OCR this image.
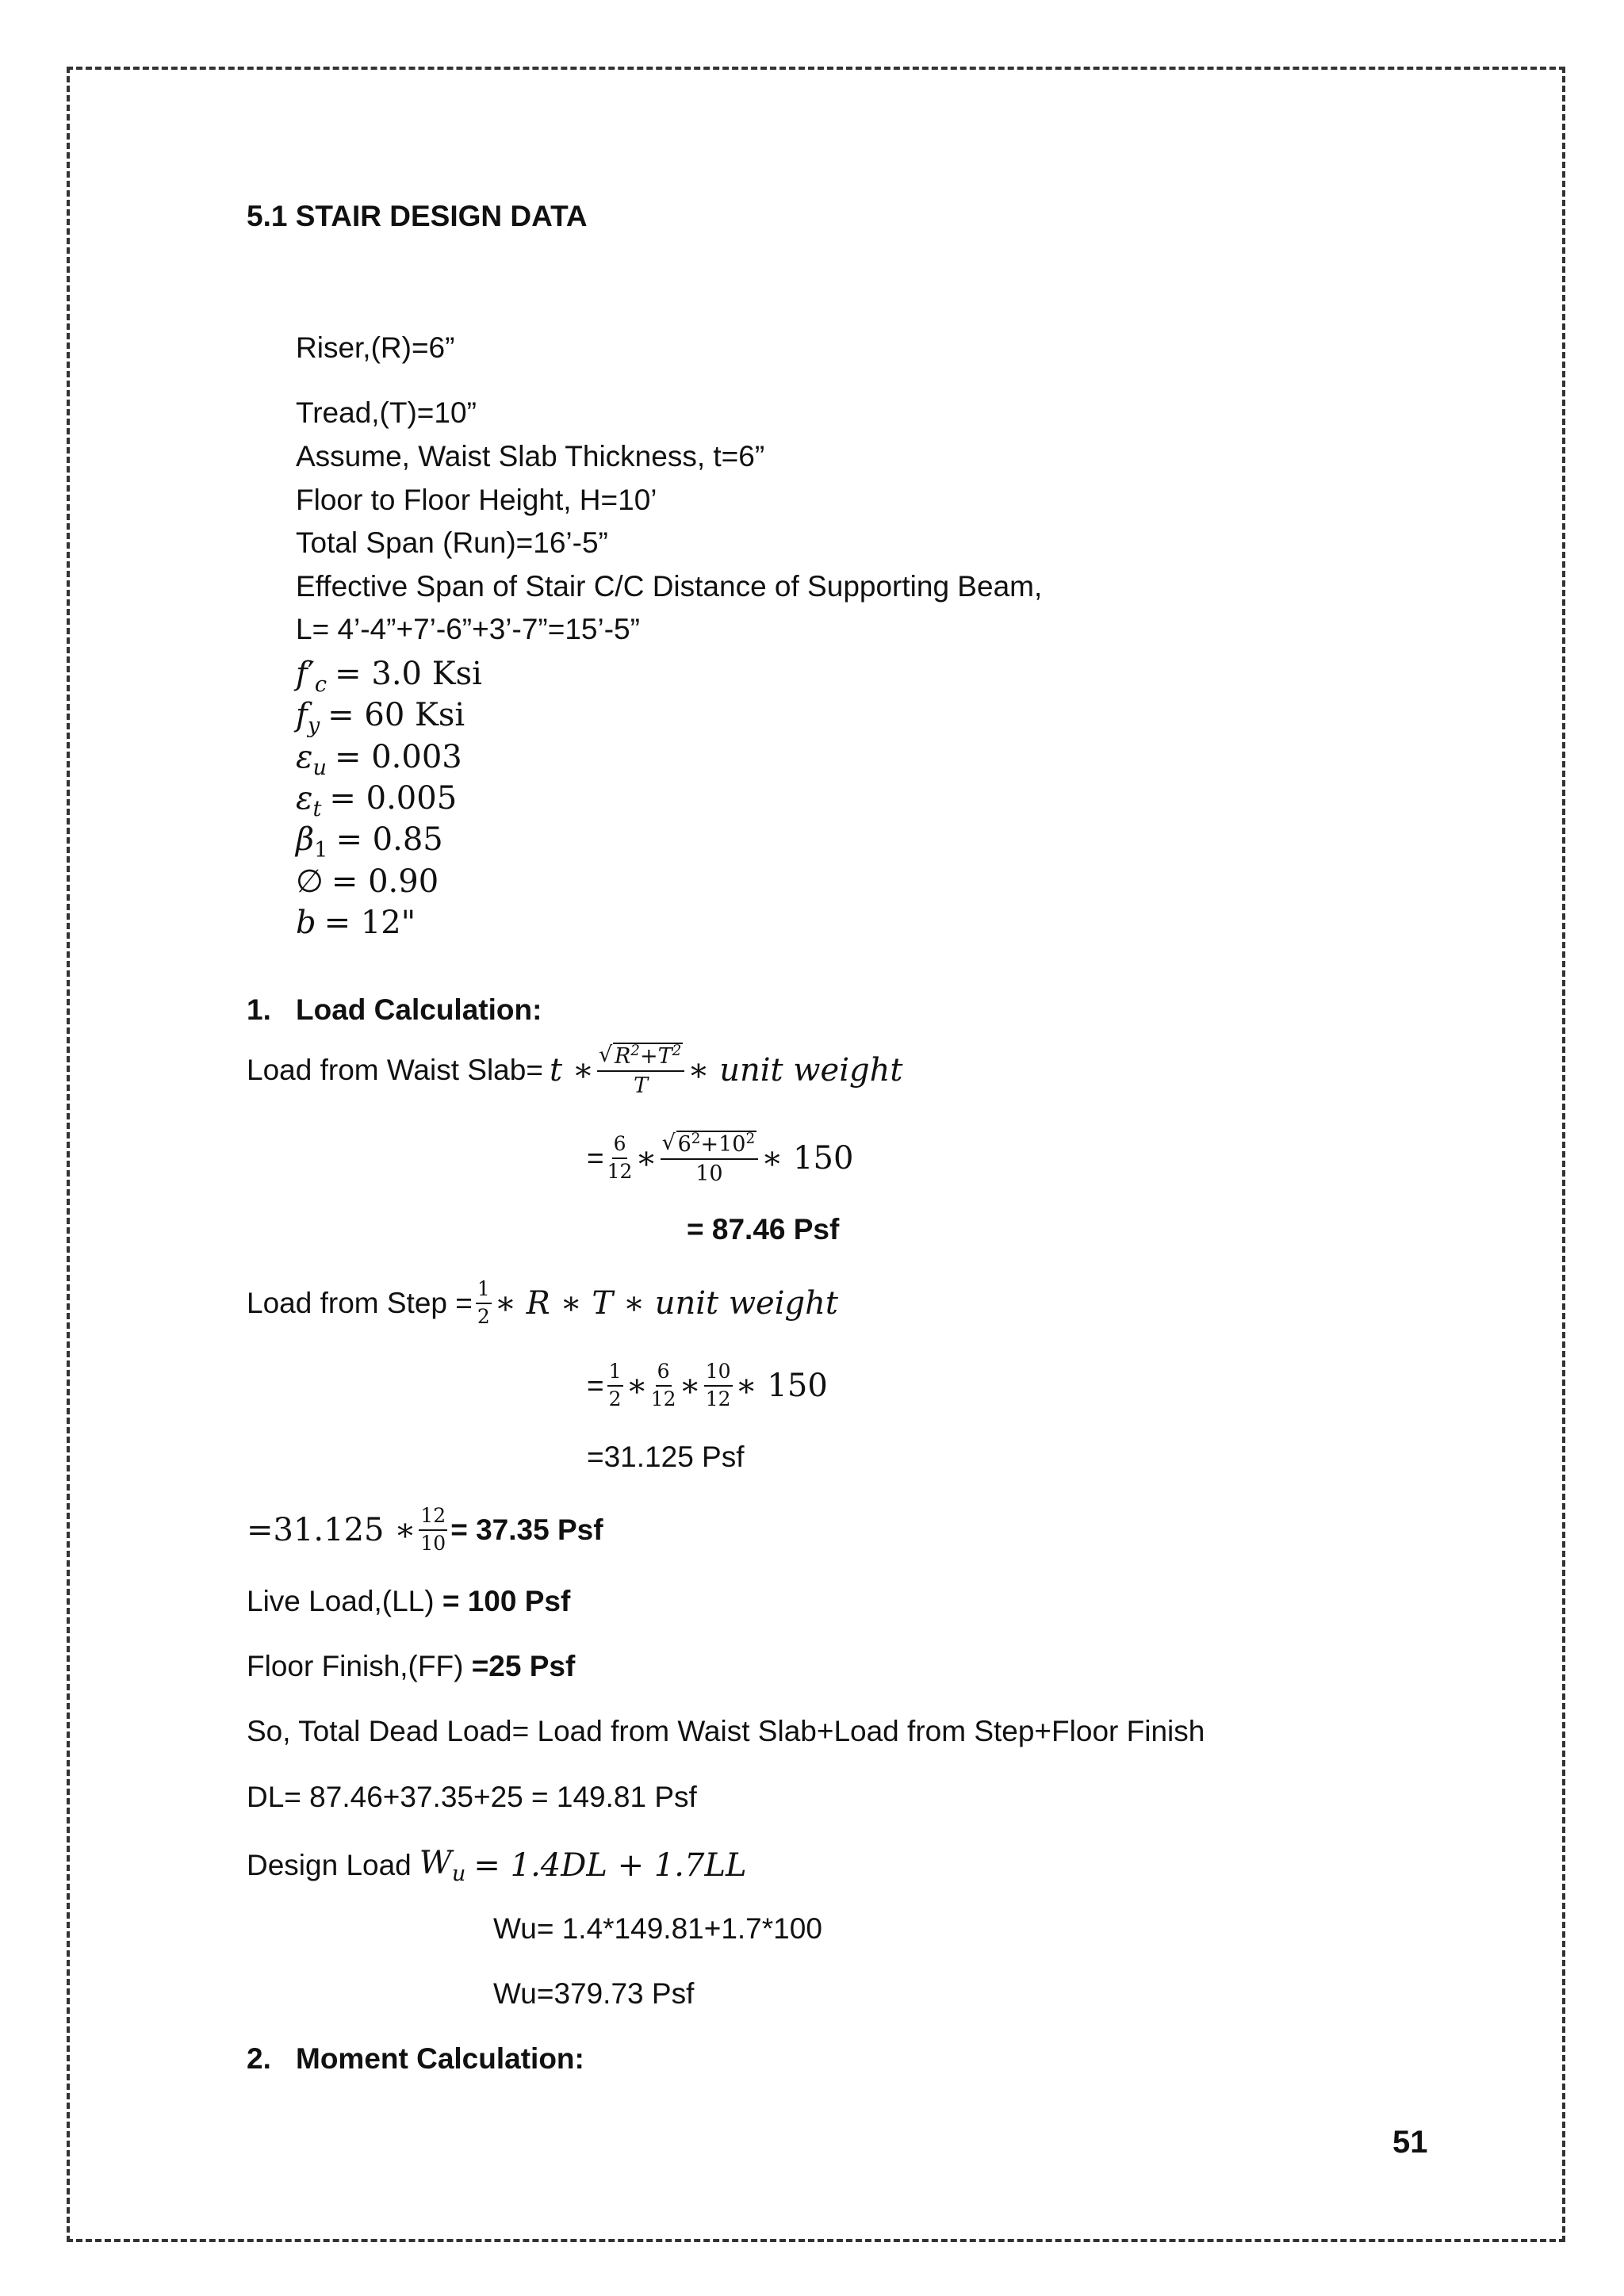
5.1 STAIR DESIGN DATA
Riser,(R)=6”
Tread,(T)=10”
Assume, Waist Slab Thickness, t=6”
Floor to Floor Height, H=10’
Total Span (Run)=16’-5”
Effective Span of Stair C/C Distance of Supporting Beam,
L= 4’-4”+7’-6”+3’-7”=15’-5”
$f'_c = 3.0$ Ksi
$f_y = 60$ Ksi
$\varepsilon_u = 0.003$
$\varepsilon_t = 0.005$
$\beta_1 = 0.85$
∅ = 0.90
b = 12"
1. Load Calculation:
Load from Waist Slab= t ∗ √ $\frac{R^2+T^2}{T}$ ∗ unit weight
= $\frac{6}{12}$ ∗ √ $\frac{6^2+10^2}{10}$ ∗ 150
= 87.46 Psf
Load from Step = $\frac{1}{2}$ ∗ R ∗ T ∗ unit weight
= $\frac{1}{2}$ ∗ $\frac{6}{12}$ ∗ $\frac{10}{12}$ ∗ 150
=31.125 Psf
=31.125 ∗ $\frac{12}{10} = 37.35$ Psf
Live Load,(LL) = 100 Psf
Floor Finish,(FF) =25 Psf
So, Total Dead Load= Load from Waist Slab+Load from Step+Floor Finish
DL= 87.46+37.35+25 = 149.81 Psf
Design Load $W_u = 1.4DL + 1.7LL$
Wu= 1.4*149.81+1.7*100
Wu=379.73 Psf
2. Moment Calculation:
51
